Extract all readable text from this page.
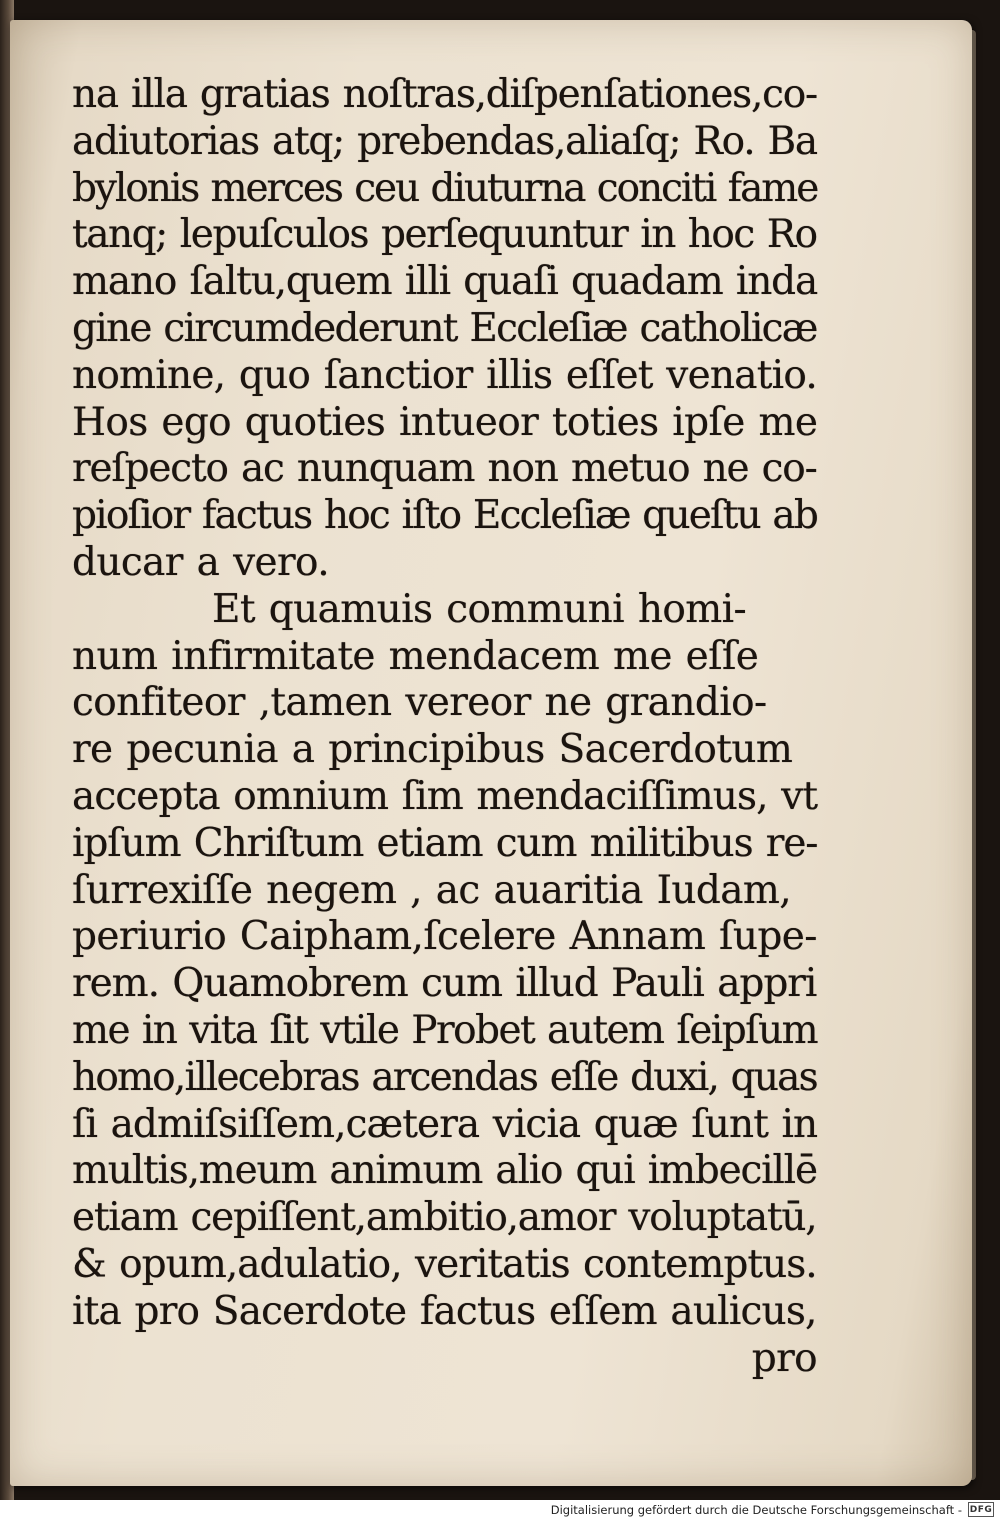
na illa gratias noſtras,diſpenſationes,co-
adiutorias atq; prebendas,aliaſq; Ro. Ba
bylonis merces ceu diuturna conciti fame
tanq; lepuſculos perſequuntur in hoc Ro
mano ſaltu,quem illi quaſi quadam inda
gine circumdederunt Eccleſiæ catholicæ
nomine, quo ſanctior illis eſſet venatio.
Hos ego quoties intueor toties ipſe me
reſpecto ac nunquam non metuo ne co-
pioſior factus hoc iſto Eccleſiæ queſtu ab
ducar a vero.
Et quamuis communi homi-
num infirmitate mendacem me eſſe
confiteor ,tamen vereor ne grandio-
re pecunia a principibus Sacerdotum
accepta omnium ſim mendaciſſimus, vt
ipſum Chriſtum etiam cum militibus re-
ſurrexiſſe negem , ac auaritia Iudam,
periurio Caipham,ſcelere Annam ſupe-
rem. Quamobrem cum illud Pauli appri
me in vita ſit vtile Probet autem ſeipſum
homo,illecebras arcendas eſſe duxi, quas
ſi admiſsiſſem,cætera vicia quæ ſunt in
multis,meum animum alio qui imbecillē
etiam cepiſſent,ambitio,amor voluptatū,
& opum,adulatio, veritatis contemptus.
ita pro Sacerdote factus eſſem aulicus,
pro
Digitalisierung gefördert durch die Deutsche Forschungsgemeinschaft - DFG
